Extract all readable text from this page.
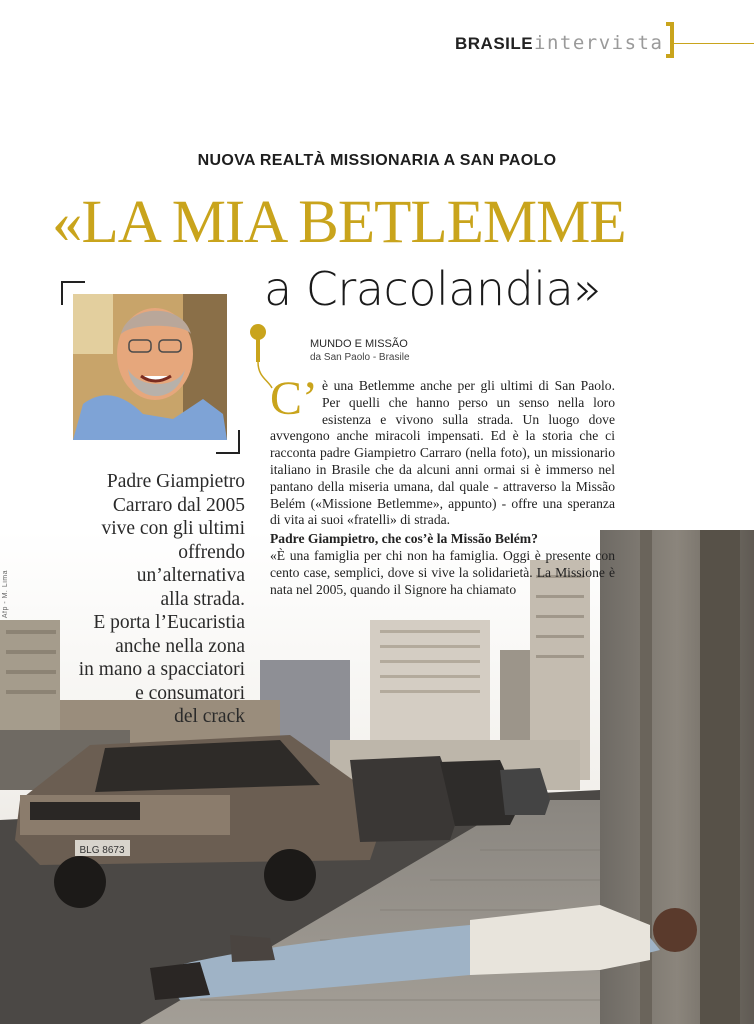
BRASILE intervista
BLG 8673
NUOVA REALTÀ MISSIONARIA A SAN PAOLO
«LA MIA BETLEMME
a Cracolandia»
Padre Giampietro
Carraro dal 2005
vive con gli ultimi
offrendo
un’alternativa
alla strada.
E porta l’Eucaristia
anche nella zona
in mano a spacciatori
e consumatori
del crack
Afp - M. Lima
MUNDO E MISSÃO
da San Paolo - Brasile
C’ è una Betlemme anche per gli ultimi di San Paolo. Per quelli che hanno perso un senso nella loro esistenza e vivono sulla strada. Un luogo dove avvengono anche miracoli impensati. Ed è la storia che ci racconta padre Giampietro Carraro (nella foto), un missionario italiano in Brasile che da alcuni anni ormai si è immerso nel pantano della miseria umana, dal quale - attraverso la Missão Belém («Missione Betlemme», appunto) - offre una speranza di vita ai suoi «fratelli» di strada.
Padre Giampietro, che cos’è la Missão Belém?
«È una famiglia per chi non ha famiglia. Oggi è presente con cento case, semplici, dove si vive la solidarietà. La Missione è nata nel 2005, quando il Signore ha chiamato
